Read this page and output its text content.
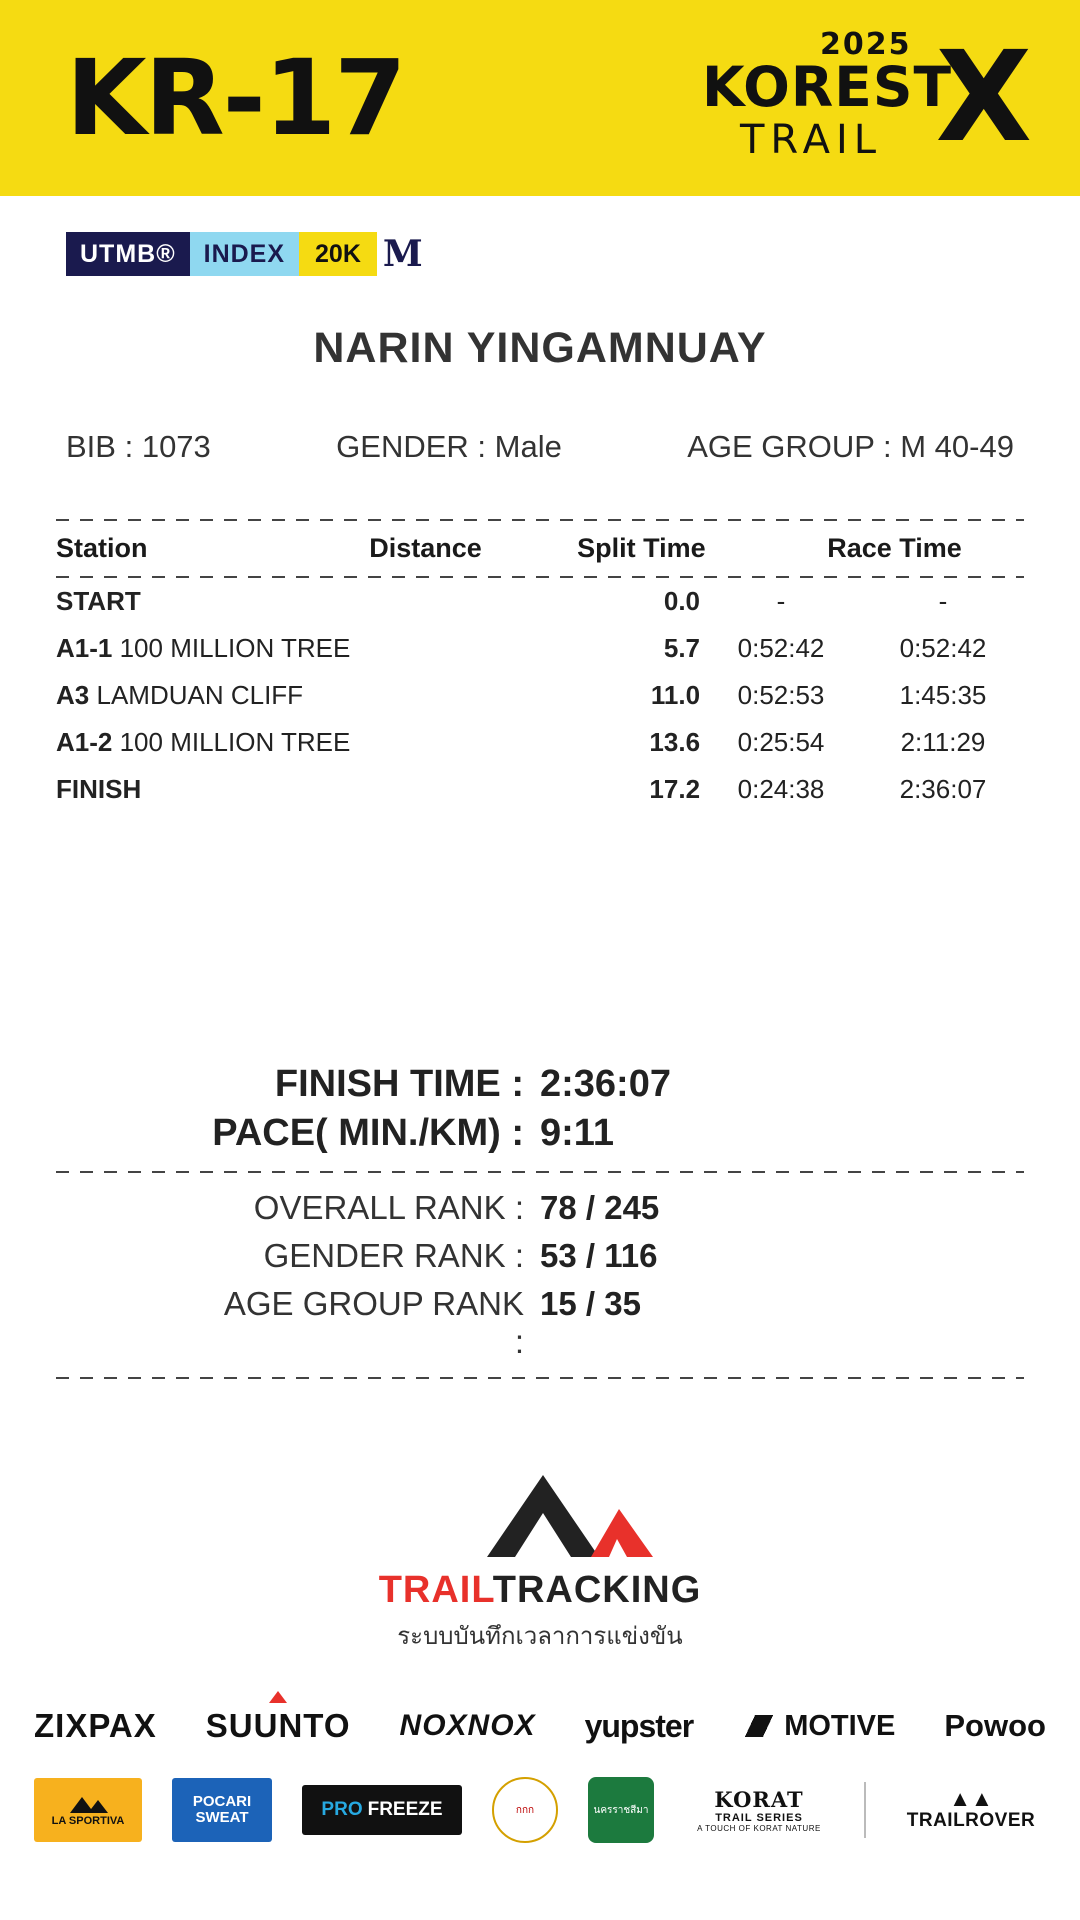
KR-17	2025
KOREST
TRAIL X
UTMB®	INDEX	20K M
NARIN YINGAMNUAY
BIB : 1073	GENDER : Male	AGE GROUP : M 40-49
Station	Distance	Split Time	Race Time
START	0.0	-	-
A1-1 100 MILLION TREE	5.7	0:52:42	0:52:42
A3 LAMDUAN CLIFF	11.0	0:52:53	1:45:35
A1-2 100 MILLION TREE	13.6	0:25:54	2:11:29
FINISH	17.2	0:24:38	2:36:07
FINISH TIME : 2:36:07
PACE( MIN./KM) : 9:11
OVERALL RANK : 78 / 245
GENDER RANK : 53 / 116
AGE GROUP RANK :
15 / 35
TRAILTRACKING
ระบบบันทึกเวลาการแข่งขัน
ZIXPAX SUUNTO NOXNOX yupster	MOTIVE Powoo
LA SPORTIVA
POCARI
SWEAT	PRO FREEZE	กกก	นครราชสีมา	KORAT
TRAIL SERIES
A TOUCH OF KORAT NATURE
▲▲
TRAILROVER
